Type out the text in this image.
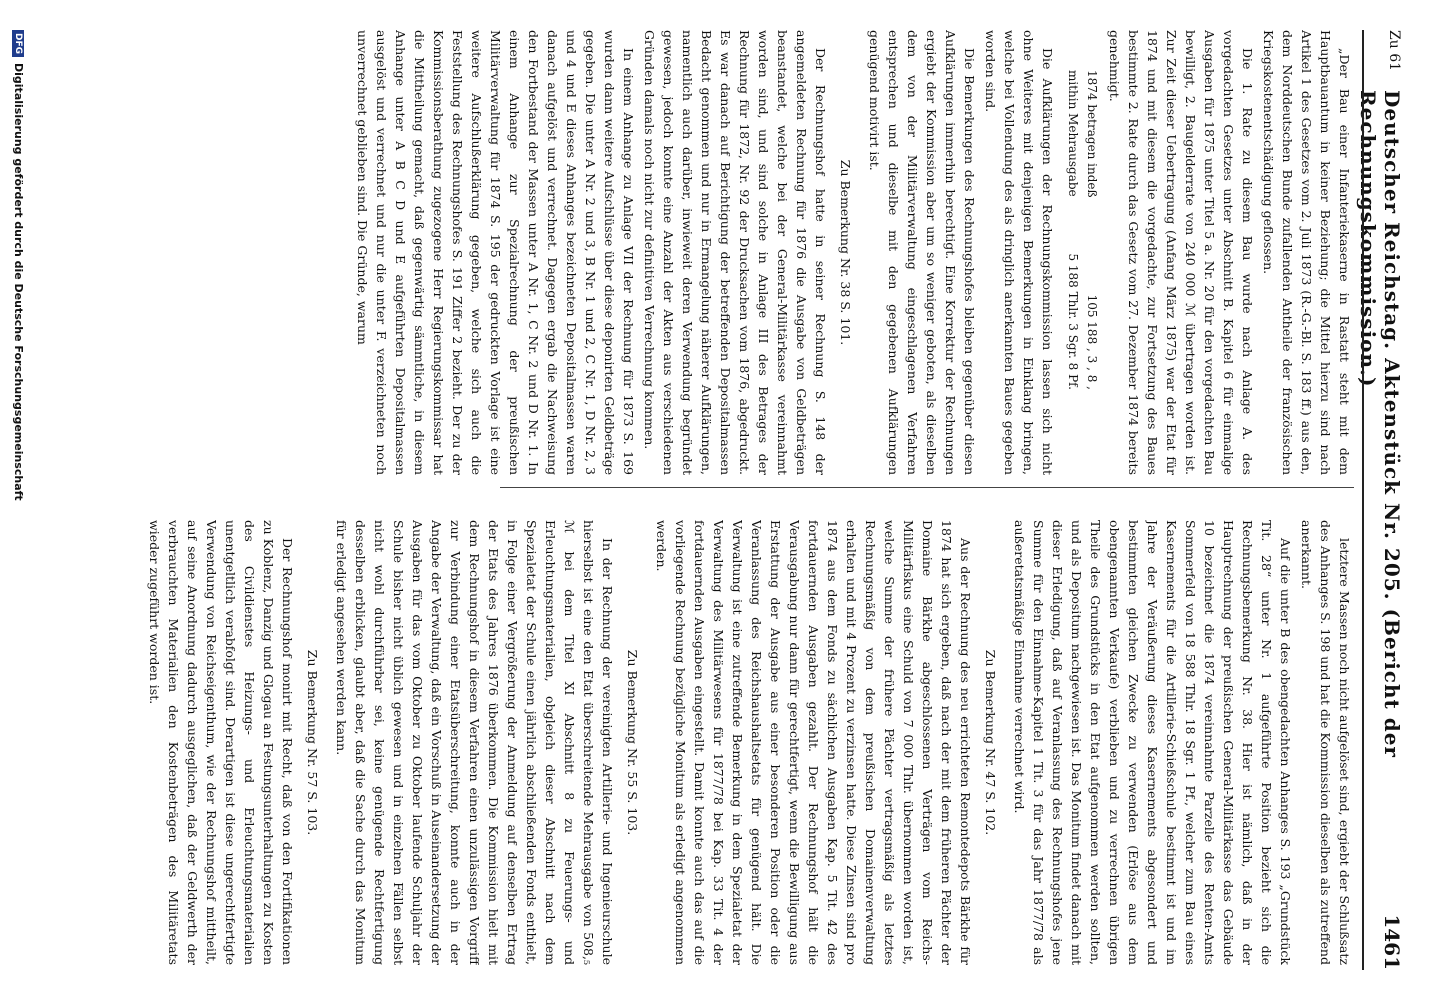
Zu 61
Deutscher Reichstag. Aktenstück Nr. 205. (Bericht der Rechnungskommission.)
1461

„Der Bau einer Infanteriekaserne in Rastatt steht mit dem Hauptbauantum in keiner Beziehung; die Mittel hierzu sind nach Artikel 1 des Gesetzes vom 2. Juli 1873 (R.-G.-Bl. S. 183 ff.) aus den, dem Norddeutschen Bunde zufallenden Antheile der französischen Kriegskostenentschädigung geflossen.

Die 1. Rate zu diesem Bau wurde nach Anlage A. des vorgedachten Gesetzes unter Abschnitt B. Kapitel 6 für einmalige Ausgaben für 1875 unter Titel 5 a. Nr. 20 für den vorgedachten Bau bewilligt, 2. Baugelderrate von 240 000 ℳ übertragen worden ist. Zur Zeit dieser Uebertragung (Anfang März 1875) war der Etat für 1874 und mit diesem die vorgedachte, zur Fortsetzung des Baues bestimmte 2. Rate durch das Gesetz vom 27. Dezember 1874 bereits genehmigt.

1874 betragen indeß
105 188 , 3 , 8 ,
mithin Mehrausgabe
5 188 Thlr. 3 Sgr. 8 Pf.

Die Aufklärungen der Rechnungskommission lassen sich nicht ohne Weiteres mit denjenigen Bemerkungen in Einklang bringen, welche bei Vollendung des als dringlich anerkannten Baues gegeben worden sind.

Die Bemerkungen des Rechnungshofes bleiben gegenüber diesen Aufklärungen immerhin berechtigt. Eine Korrektur der Rechnungen ergiebt der Kommission aber um so weniger geboten, als dieselben dem von der Militärverwaltung eingeschlagenen Verfahren entsprechen und dieselbe mit den gegebenen Aufklärungen genügend motivirt ist.

Zu Bemerkung Nr. 38 S. 101.

Der Rechnungshof hatte in seiner Rechnung S. 148 der angemeldeten Rechnung für 1876 die Ausgabe von Geldbeträgen beanstandet, welche bei der General-Militärkasse vereinnahmt worden sind, und sind solche in Anlage III des Betrages der Rechnung für 1872, Nr. 92 der Drucksachen vom 1876, abgedruckt. Es war danach auf Berichtigung der betreffenden Depositalmassen Bedacht genommen und nur in Ermangelung näherer Aufklärungen, namentlich auch darüber, inwieweit deren Verwendung begründet gewesen, jedoch konnte eine Anzahl der Akten aus verschiedenen Gründen damals noch nicht zur definitiven Verrechnung kommen.

In einem Anhange zu Anlage VII der Rechnung für 1873 S. 169 wurden dann weitere Aufschlüsse über diese deponirten Geldbeträge gegeben. Die unter A Nr. 2 und 3, B Nr. 1 und 2, C Nr. 1, D Nr. 2, 3 und 4 und E dieses Anhanges bezeichneten Depositalmassen waren danach aufgelöst und verrechnet. Dagegen ergab die Nachweisung den Fortbestand der Massen unter A Nr. 1, C Nr. 2 und D Nr. 1. In einem Anhange zur Spezialrechnung der preußischen Militärverwaltung für 1874 S. 195 der gedruckten Vorlage ist eine weitere Aufschlußerklärung gegeben, welche sich auch die Feststellung des Rechnungshofes S. 191 Ziffer 2 bezieht. Der zu der Kommissionsberathung zugezogene Herr Regierungskommissar hat die Mittheilung gemacht, daß gegenwärtig sämmtliche, in diesem Anhange unter A B C D und E aufgeführten Depositalmassen ausgelöst und verrechnet und nur die unter F. verzeichneten noch unverrechnet geblieben sind. Die Gründe, warum

letztere Massen noch nicht aufgelöset sind, ergiebt der Schlußsatz des Anhanges S. 198 und hat die Kommission dieselben als zutreffend anerkannt.

Auf die unter B des obengedachten Anhanges S. 193 „Grundstück Tit. 28“ unter Nr. 1 aufgeführte Position bezieht sich die Rechnungsbemerkung Nr. 38. Hier ist nämlich, daß in der Hauptrechnung der preußischen General-Militärkasse das Gebäude 10 bezeichnet die 1874 vereinnahmte Parzelle des Renten-Amts Sommerfeld von 18 588 Thlr. 18 Sgr. 1 Pf., welcher zum Bau eines Kasernements für die Artillerie-Schießschule bestimmt ist und im Jahre der Veräußerung dieses Kasernements abgesondert und bestimmten gleichen Zwecke zu verwenden (Erlöse aus dem obengenannten Verkaufe) verblieben und zu verrechnen übrigen Theile des Grundstücks in den Etat aufgenommen werden sollten, und als Depositum nachgewiesen ist. Das Monitum findet danach mit dieser Erledigung, daß auf Veranlassung des Rechnungshofes jene Summe für den Einnahme-Kapitel 1 Tit. 3 für das Jahr 1877/78 als außeretatsmäßige Einnahme verrechnet wird.

Zu Bemerkung Nr. 47 S. 102.

Aus der Rechnung des neu errichteten Remontedepots Bärkhe für 1874 hat sich ergeben, daß nach der mit dem früheren Pächter der Domaine Bärkhe abgeschlossenen Verträgen vom Reichs-Militärfiskus eine Schuld von 7 000 Thlr. übernommen worden ist, welche Summe der frühere Pächter vertragsmäßig als letztes Rechnungsmäßig von dem preußischen Domainenverwaltung erhalten und mit 4 Prozent zu verzinsen hatte. Diese Zinsen sind pro 1874 aus dem Fonds zu sächlichen Ausgaben Kap. 5 Tit. 42 des fortdauernden Ausgaben gezahlt. Der Rechnungshof hält die Verausgabung nur dann für gerechtfertigt, wenn die Bewilligung aus Erstattung der Ausgabe aus einer besonderen Position oder die Veranlassung des Reichshaushaltsetats für genügend hält. Die Verwaltung ist eine zutreffende Bemerkung in dem Spezialetat der Verwaltung des Militärwesens für 1877/78 bei Kap. 33 Tit. 4 der fortdauernden Ausgaben eingestellt. Damit konnte auch das auf die vorliegende Rechnung bezügliche Monitum als erledigt angenommen werden.

Zu Bemerkung Nr. 55 S. 103.

In der Rechnung der vereinigten Artillerie- und Ingenieurschule hierselbst ist eine den Etat überschreitende Mehrausgabe von 508,₅ ℳ bei dem Titel XI Abschnitt 8 zu Feuerungs- und Erleuchtungsmaterialien, obgleich dieser Abschnitt nach dem Spezialetat der Schule einen jährlich abschließenden Fonds enthielt, in Folge einer Vergrößerung der Anmeldung auf denselben Ertrag der Etats des Jahres 1876 überkommen. Die Kommission hielt mit dem Rechnungshof in diesem Verfahren einen unzulässigen Vorgriff zur Verbindung einer Etatsüberschreitung, konnte auch in der Angabe der Verwaltung, daß ein Vorschuß in Auseinandersetzung der Ausgaben für das vom Oktober zu Oktober laufende Schuljahr der Schule bisher nicht üblich gewesen und in einzelnen Fällen selbst nicht wohl durchführbar sei, keine genügende Rechtfertigung desselben erblicken, glaubt aber, daß die Sache durch das Monitum für erledigt angesehen werden kann.

Zu Bemerkung Nr. 57 S. 103.

Der Rechnungshof monirt mit Recht, daß von den Fortifikationen zu Koblenz, Danzig und Glogau an Festungsunterhaltungen zu Kosten des Civildienstes Heizungs- und Erleuchtungsmaterialien unentgeltlich verabfolgt sind. Derartigen ist diese ungerechtfertigte Verwendung von Reichseigenthum, wie der Rechnungshof mittheilt, auf seine Anordnung dadurch ausgeglichen, daß der Geldwerth der verbrauchten Materialien den Kostenbeträgen des Militäretats wieder zugeführt worden ist.

DFG
Digitalisierung gefördert durch die Deutsche Forschungsgemeinschaft
